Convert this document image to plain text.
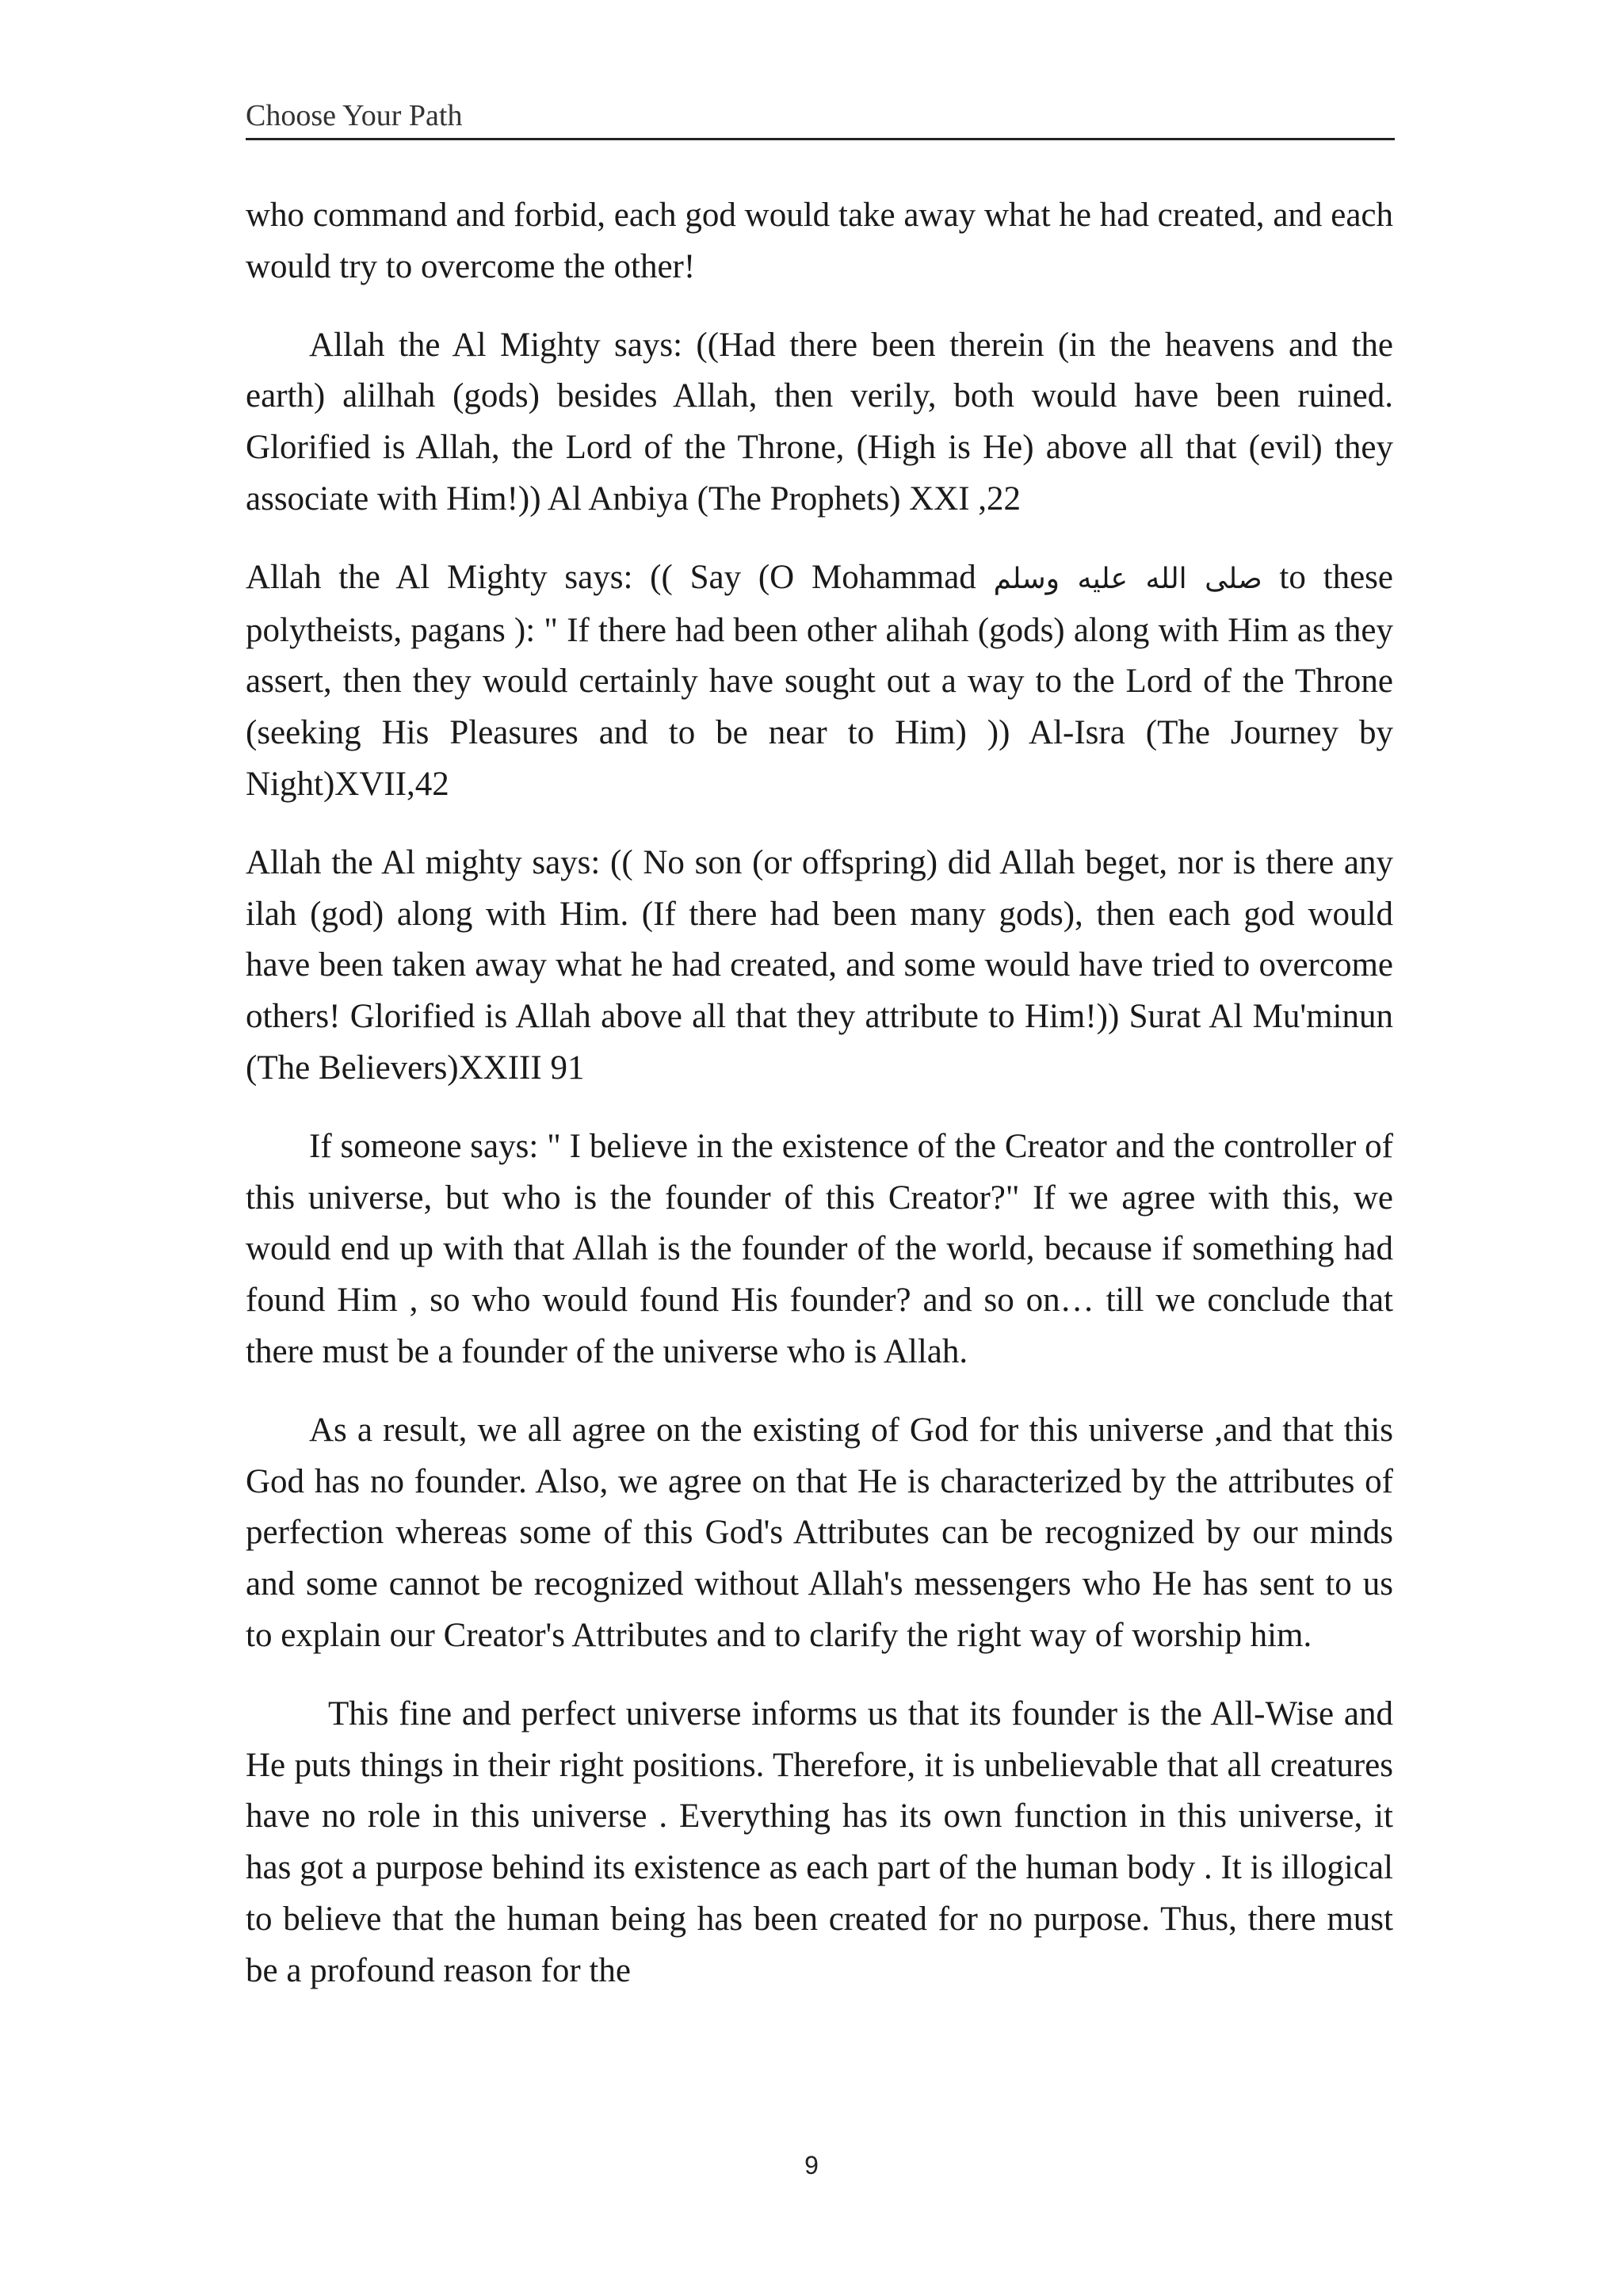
Choose Your Path

who command and forbid, each god would take away what he had created, and each would try to overcome the other!

Allah the Al Mighty says: ((Had there been therein (in the heavens and the earth) alilhah (gods) besides Allah, then verily, both would have been ruined. Glorified is Allah, the Lord of the Throne, (High is He) above all that (evil) they associate with Him!)) Al Anbiya (The Prophets) XXI ,22

Allah the Al Mighty says: (( Say (O Mohammad صلى الله عليه وسلم to these polytheists, pagans ): " If there had been other alihah (gods) along with Him as they assert, then they would certainly have sought out a way to the Lord of the Throne (seeking His Pleasures and to be near to Him) )) Al-Isra (The Journey by Night)XVII,42

Allah the Al mighty says: (( No son (or offspring) did Allah beget, nor is there any ilah (god) along with Him. (If there had been many gods), then each god would have been taken away what he had created, and some would have tried to overcome others! Glorified is Allah above all that they attribute to Him!)) Surat Al Mu'minun (The Believers)XXIII 91

If someone says: " I believe in the existence of the Creator and the controller of this universe, but who is the founder of this Creator?" If we agree with this, we would end up with that Allah is the founder of the world, because if something had found Him , so who would found His founder? and so on… till we conclude that there must be a founder of the universe who is Allah.

As a result, we all agree on the existing of God for this universe ,and that this God has no founder. Also, we agree on that He is characterized by the attributes of perfection whereas some of this God's Attributes can be recognized by our minds and some cannot be recognized without Allah's messengers who He has sent to us to explain our Creator's Attributes and to clarify the right way of worship him.

This fine and perfect universe informs us that its founder is the All-Wise and He puts things in their right positions. Therefore, it is unbelievable that all creatures have no role in this universe . Everything has its own function in this universe, it has got a purpose behind its existence as each part of the human body . It is illogical to believe that the human being has been created for no purpose. Thus, there must be a profound reason for the

9
